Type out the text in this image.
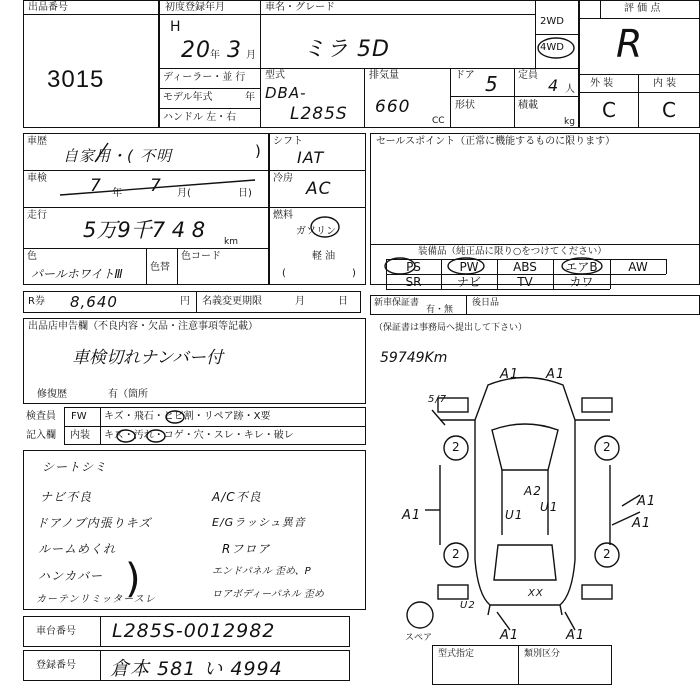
出品番号
3015
初度登録年月
H
20 年 3 月
ディーラー・並 行
モデル年式	年
ハンドル 左・右
車名・グレード
ミラ 5D
2WD
4WD
型式
DBA-
L285S
排気量
660
CC
ドア 5 定員
4 人
形状	積載
kg
評 価 点
R
外 装	内 装
C C
車歴
自家用・( 不明	)
車検	7 年 7 月(	日)
走行
5万9千7 4 8 km
色
パールホワイトⅢ	色替
色コード
シフト
IAT
冷房
AC
燃料
ガソリン
軽 油
(	)
セールスポイント（正常に機能するものに限ります）
装備品（純正品に限り○をつけてください）
PS	PW	ABS	エアB	AW
SR	ナビ	TV	カワ
R券 8,640	円 名義変更期限	月	日	新車保証書
有・無
後日品
（保証書は事務局へ提出して下さい）
出品店申告欄（不良内容・欠品・注意事項等記載）
車検切れナンバー付
修復歴	有（箇所
検査員
記入欄
FW キズ・飛石・ヒビ割・リペア跡・X要
内装 キズ・汚れ・コゲ・穴・スレ・キレ・破レ
シートシミ
ナビ不良
ドアノブ内張りキズ
ルームめくれ
ハンカバー
カーテンリミッタースレ
A/C不良
E/Gラッシュ異音
Rフロア
エンドパネル 歪め、P
ロアボディーパネル 歪め
)
車台番号 L285S-0012982
登録番号 倉本 581 い 4994
型式指定	類別区分
59749Km
5/7
A1 A1
A1
A1
A1
A2
U1
U1
A1	A1
XX
U2
2	2
2	2
スペア
